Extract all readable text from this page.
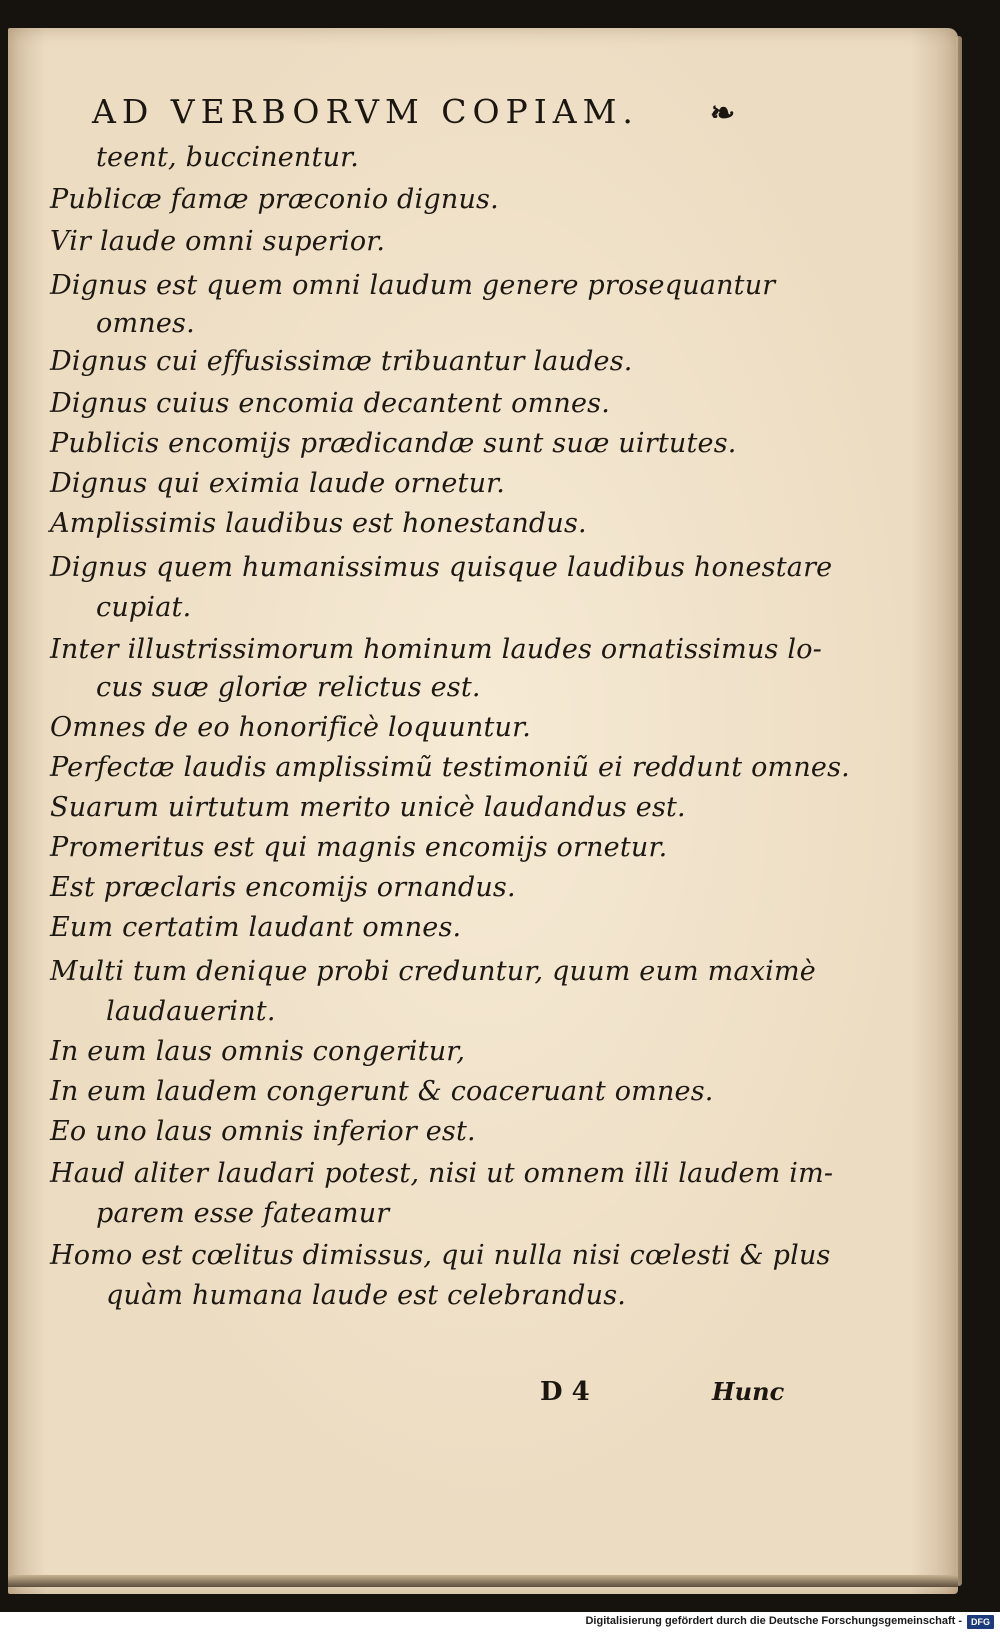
AD VERBORVM COPIAM. ❧
teent, buccinentur.
Publicæ famæ præconio dignus.
Vir laude omni superior.
Dignus est quem omni laudum genere prosequantur
omnes.
Dignus cui effusissimæ tribuantur laudes.
Dignus cuius encomia decantent omnes.
Publicis encomijs prædicandæ sunt suæ uirtutes.
Dignus qui eximia laude ornetur.
Amplissimis laudibus est honestandus.
Dignus quem humanissimus quisque laudibus honestare
cupiat.
Inter illustrissimorum hominum laudes ornatissimus lo-
cus suæ gloriæ relictus est.
Omnes de eo honorificè loquuntur.
Perfectæ laudis amplissimũ testimoniũ ei reddunt omnes.
Suarum uirtutum merito unicè laudandus est.
Promeritus est qui magnis encomijs ornetur.
Est præclaris encomijs ornandus.
Eum certatim laudant omnes.
Multi tum denique probi creduntur, quum eum maximè
laudauerint.
In eum laus omnis congeritur,
In eum laudem congerunt & coaceruant omnes.
Eo uno laus omnis inferior est.
Haud aliter laudari potest, nisi ut omnem illi laudem im-
parem esse fateamur
Homo est cœlitus dimissus, qui nulla nisi cœlesti & plus
quàm humana laude est celebrandus.
D 4	Hunc
Digitalisierung gefördert durch die Deutsche Forschungsgemeinschaft -	DFG
